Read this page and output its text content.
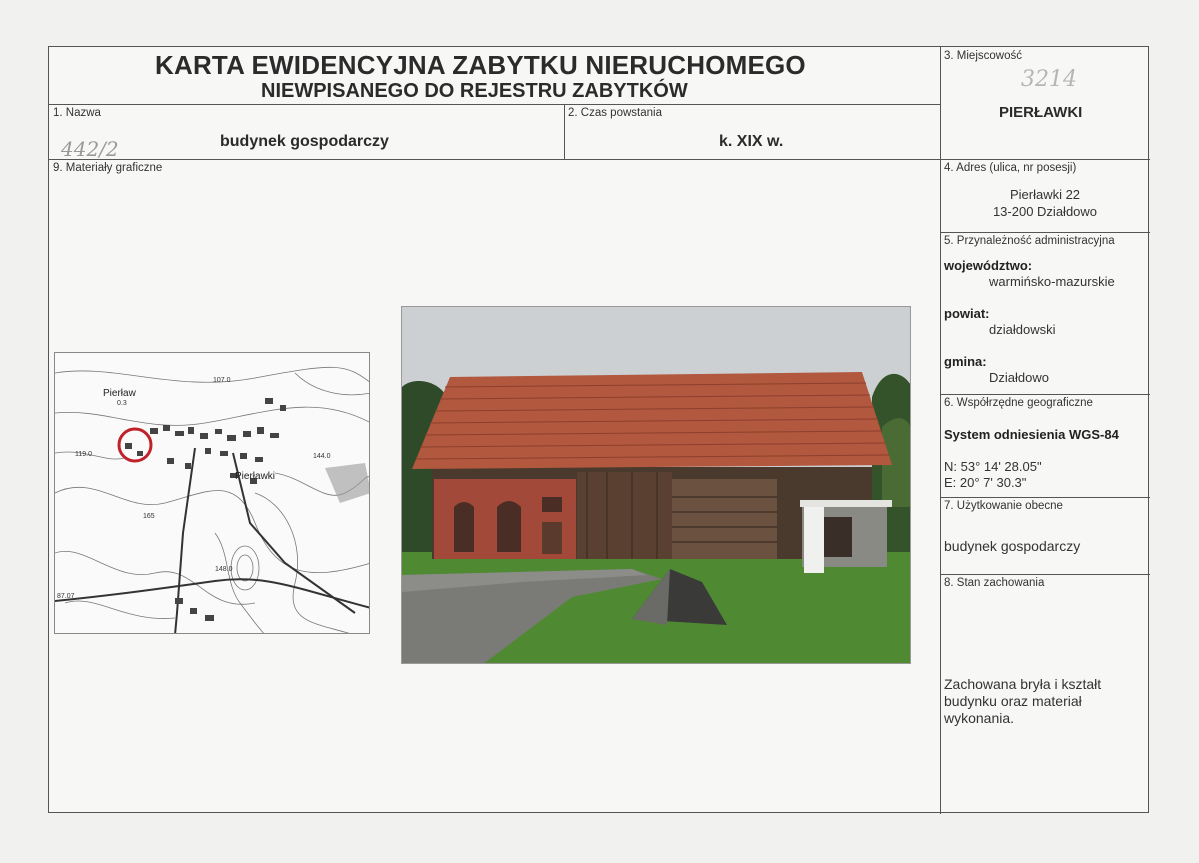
KARTA EWIDENCYJNA ZABYTKU NIERUCHOMEGO
NIEWPISANEGO DO REJESTRU ZABYTKÓW
1. Nazwa
442/2	budynek gospodarczy
2. Czas powstania
k. XIX w.
3. Miejscowość
3214
PIERŁAWKI
9. Materiały graficzne	4. Adres (ulica, nr posesji)
Pierławki 22
13-200 Działdowo
5. Przynależność administracyjna
województwo:
warmińsko-mazurskie
powiat:
działdowski
gmina:
Działdowo
6. Współrzędne geograficzne
System odniesienia WGS-84
N: 53° 14' 28.05"
E: 20° 7' 30.3"
7. Użytkowanie obecne
budynek gospodarczy
8. Stan zachowania
Zachowana bryła i kształt budynku oraz materiał wykonania.
Pierław
Pierławki
107.0
0.3
119.0	144.0
165
148.0
87.07
